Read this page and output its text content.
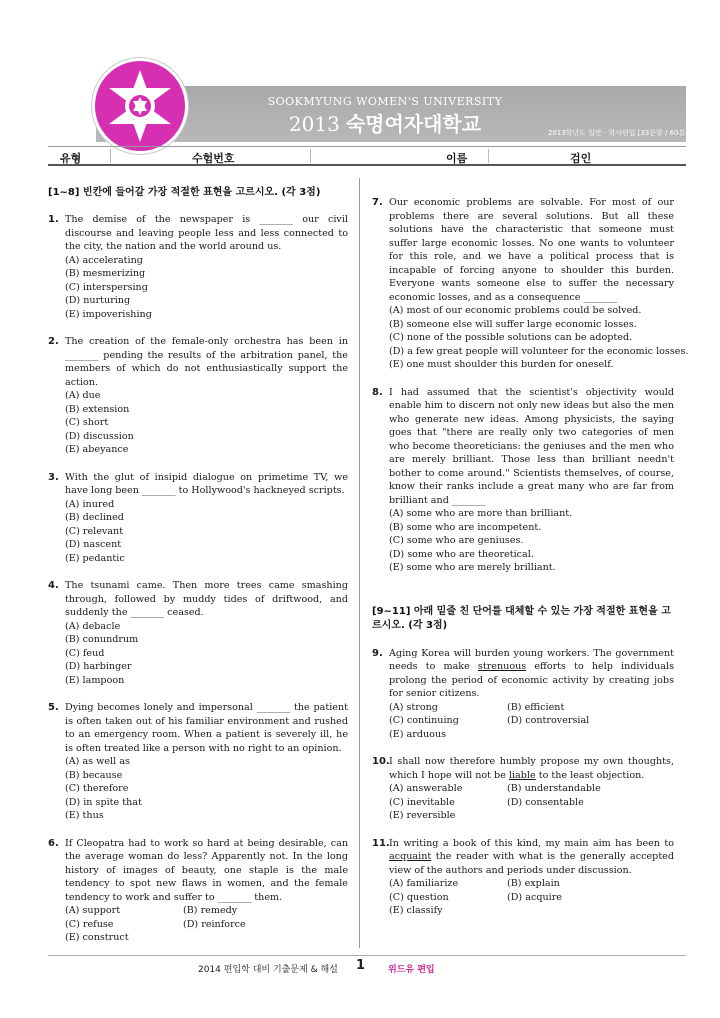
SOOKMYUNG WOMEN'S UNIVERSITY
2013 숙명여자대학교	2013학년도 일반 · 학사편입 [33문항 / 60분]
유형	수험번호	이름	검인
[1~8] 빈칸에 들어갈 가장 적절한 표현을 고르시오. (각 3점)
1. The demise of the newspaper is _______ our civil discourse and leaving people less and less connected to the city, the nation and the world around us.
(A) accelerating
(B) mesmerizing
(C) interspersing
(D) nurturing
(E) impoverishing
2. The creation of the female-only orchestra has been in _______ pending the results of the arbitration panel, the members of which do not enthusiastically support the action.
(A) due
(B) extension
(C) short
(D) discussion
(E) abeyance
3. With the glut of insipid dialogue on primetime TV, we have long been _______ to Hollywood's hackneyed scripts.
(A) inured
(B) declined
(C) relevant
(D) nascent
(E) pedantic
4. The tsunami came. Then more trees came smashing through, followed by muddy tides of driftwood, and suddenly the _______ ceased.
(A) debacle
(B) conundrum
(C) feud
(D) harbinger
(E) lampoon
5. Dying becomes lonely and impersonal _______ the patient is often taken out of his familiar environment and rushed to an emergency room. When a patient is severely ill, he is often treated like a person with no right to an opinion.
(A) as well as
(B) because
(C) therefore
(D) in spite that
(E) thus
6. If Cleopatra had to work so hard at being desirable, can the average woman do less? Apparently not. In the long history of images of beauty, one staple is the male tendency to spot new flaws in women, and the female tendency to work and suffer to _______ them.
(A) support	(B) remedy
(C) refuse	(D) reinforce
(E) construct
7. Our economic problems are solvable. For most of our problems there are several solutions. But all these solutions have the characteristic that someone must suffer large economic losses. No one wants to volunteer for this role, and we have a political process that is incapable of forcing anyone to shoulder this burden. Everyone wants someone else to suffer the necessary economic losses, and as a consequence _______
(A) most of our economic problems could be solved.
(B) someone else will suffer large economic losses.
(C) none of the possible solutions can be adopted.
(D) a few great people will volunteer for the economic losses.
(E) one must shoulder this burden for oneself.
8. I had assumed that the scientist's objectivity would enable him to discern not only new ideas but also the men who generate new ideas. Among physicists, the saying goes that "there are really only two categories of men who become theoreticians: the geniuses and the men who are merely brilliant. Those less than brilliant needn't bother to come around." Scientists themselves, of course, know their ranks include a great many who are far from brilliant and _______
(A) some who are more than brilliant.
(B) some who are incompetent.
(C) some who are geniuses.
(D) some who are theoretical.
(E) some who are merely brilliant.
[9~11] 아래 밑줄 친 단어를 대체할 수 있는 가장 적절한 표현을 고르시오. (각 3점)
9. Aging Korea will burden young workers. The government needs to make strenuous efforts to help individuals prolong the period of economic activity by creating jobs for senior citizens.
(A) strong	(B) efficient
(C) continuing	(D) controversial
(E) arduous
10. I shall now therefore humbly propose my own thoughts, which I hope will not be liable to the least objection.
(A) answerable	(B) understandable
(C) inevitable	(D) consentable
(E) reversible
11. In writing a book of this kind, my main aim has been to acquaint the reader with what is the generally accepted view of the authors and periods under discussion.
(A) familiarize	(B) explain
(C) question	(D) acquire
(E) classify
2014 편입학 대비 기출문제 & 해설 1	위드유 편입
